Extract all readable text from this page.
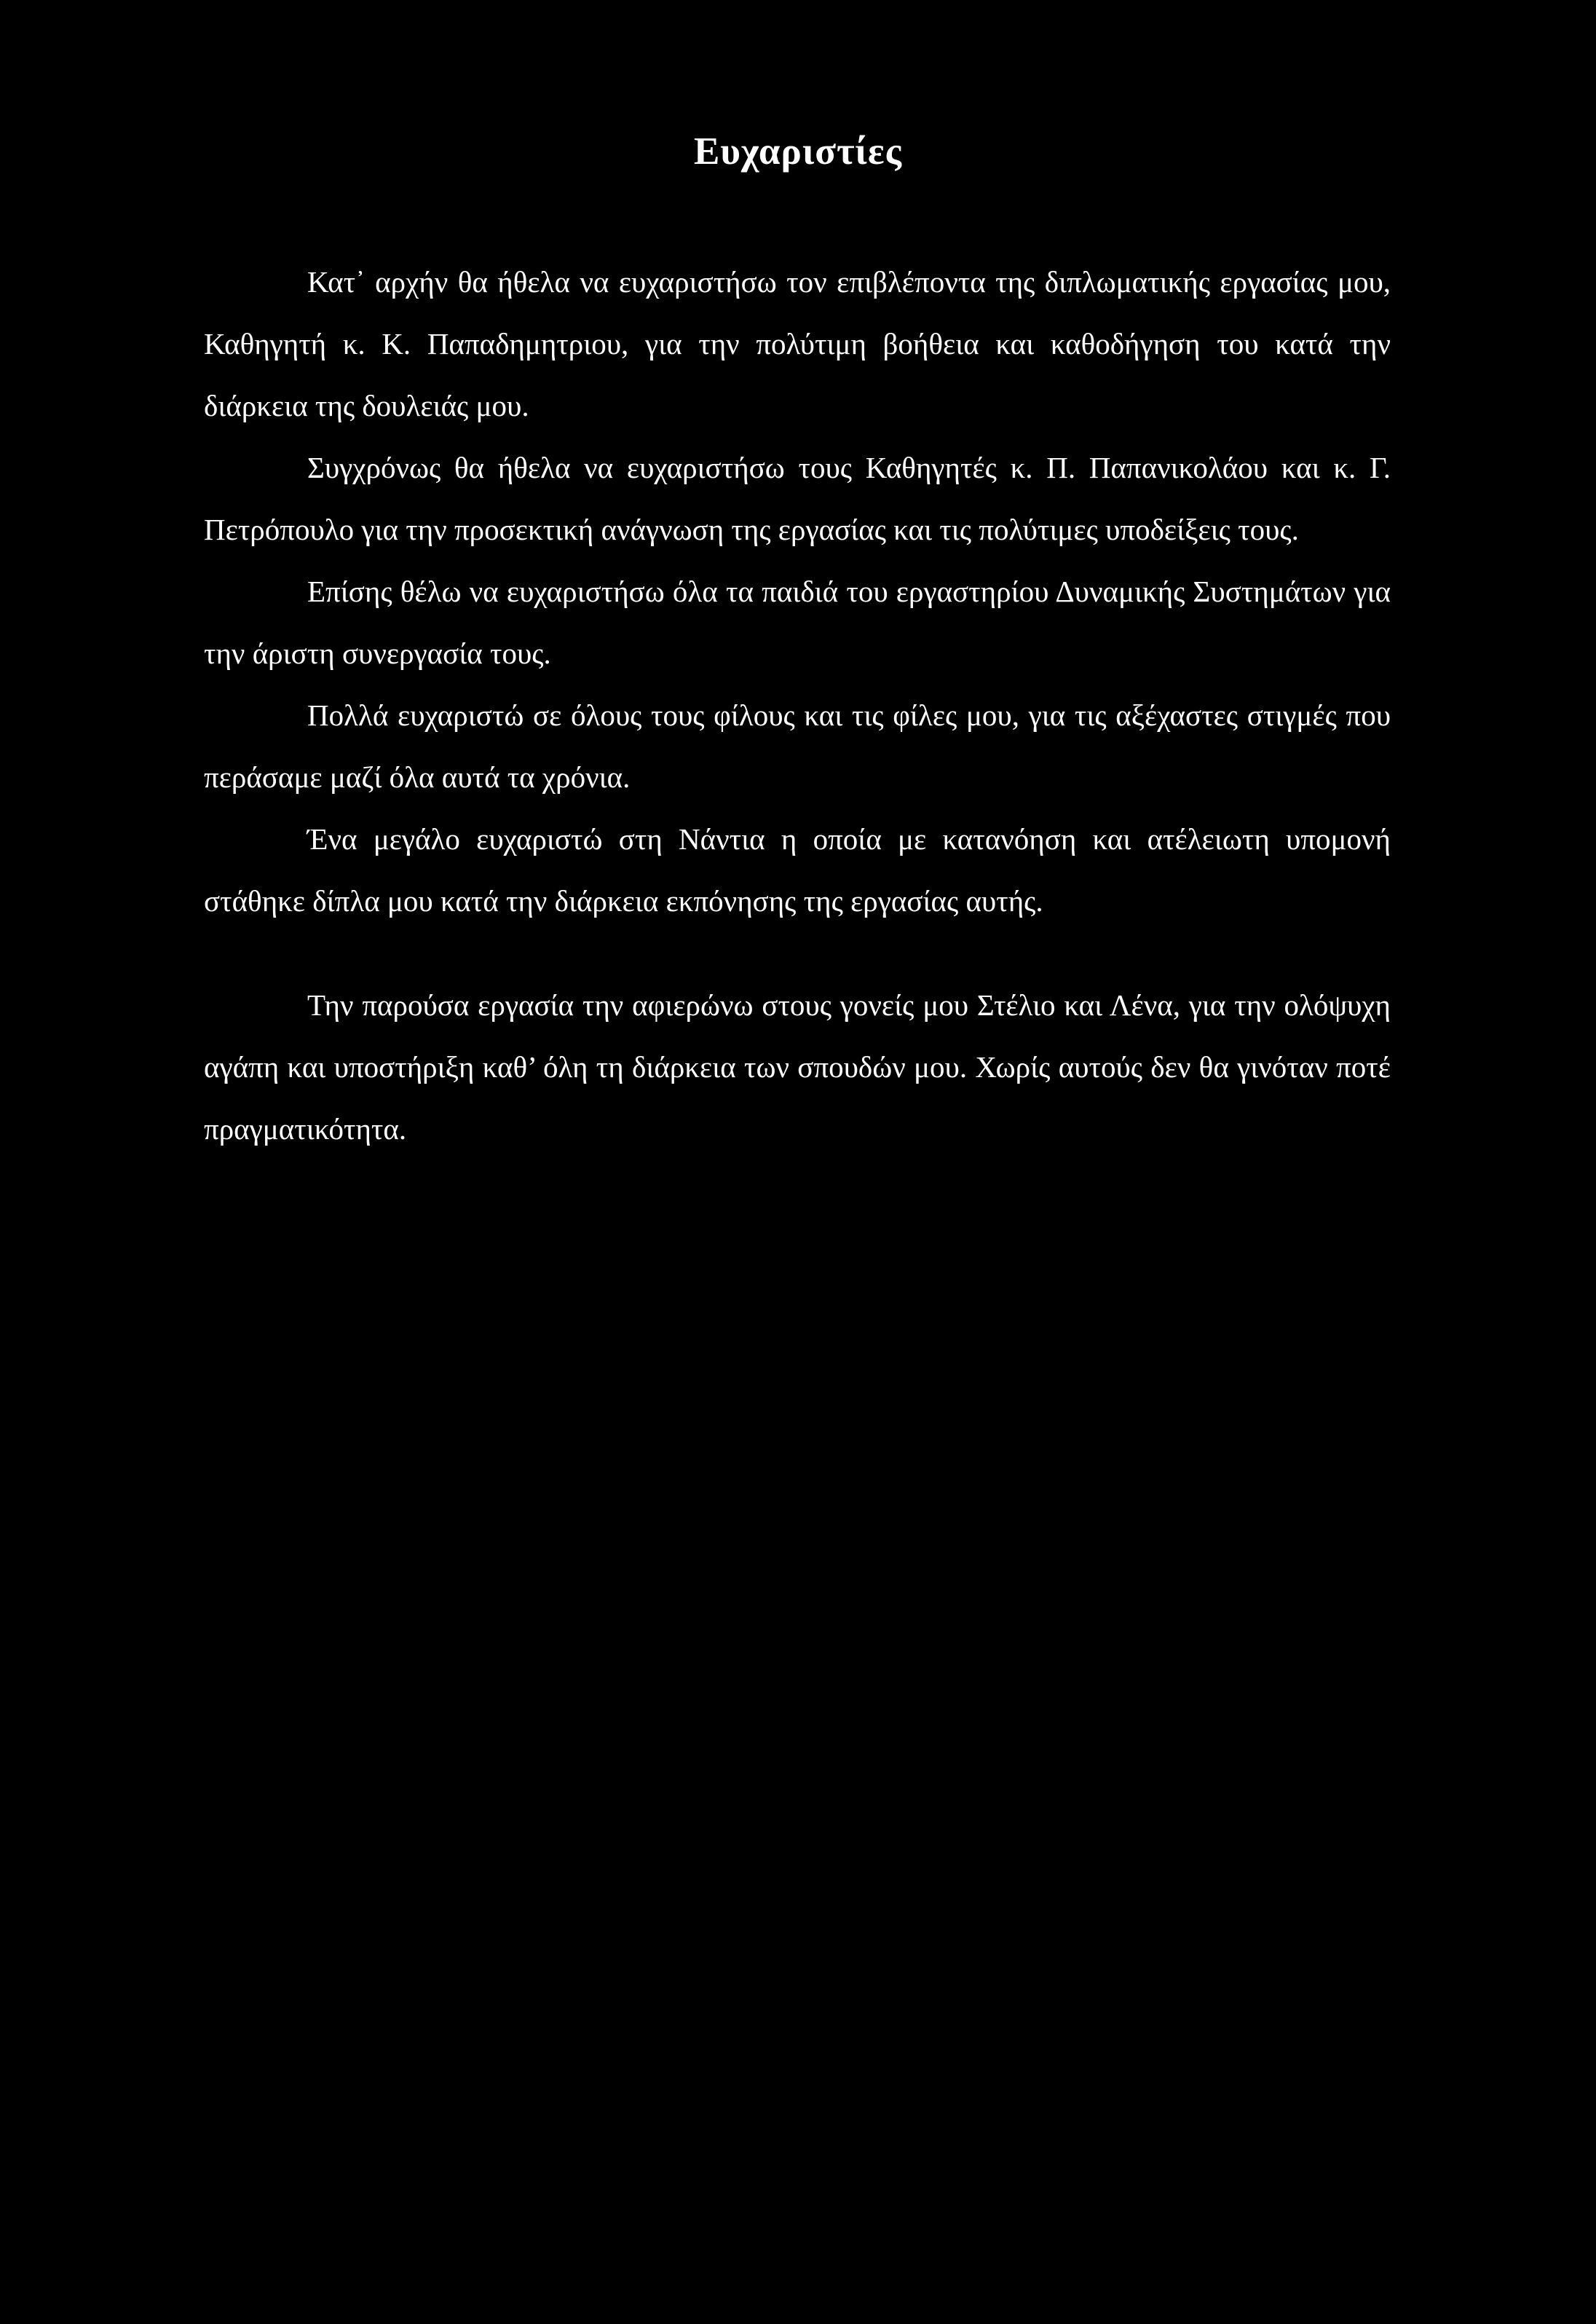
Ευχαριστίες

Κατ᾽ αρχήν θα ήθελα να ευχαριστήσω τον επιβλέποντα της διπλωματικής εργασίας μου, Καθηγητή κ. Κ. Παπαδημητριου, για την πολύτιμη βοήθεια και καθοδήγηση του κατά την διάρκεια της δουλειάς μου.

Συγχρόνως θα ήθελα να ευχαριστήσω τους Καθηγητές κ. Π. Παπανικολάου και κ. Γ. Πετρόπουλο για την προσεκτική ανάγνωση της εργασίας και τις πολύτιμες υποδείξεις τους.

Επίσης θέλω να ευχαριστήσω όλα τα παιδιά του εργαστηρίου Δυναμικής Συστημάτων για την άριστη συνεργασία τους.

Πολλά ευχαριστώ σε όλους τους φίλους και τις φίλες μου, για τις αξέχαστες στιγμές που περάσαμε μαζί όλα αυτά τα χρόνια.

Ένα μεγάλο ευχαριστώ στη Νάντια η οποία με κατανόηση και ατέλειωτη υπομονή στάθηκε δίπλα μου κατά την διάρκεια εκπόνησης της εργασίας αυτής.

Την παρούσα εργασία την αφιερώνω στους γονείς μου Στέλιο και Λένα, για την ολόψυχη αγάπη και υποστήριξη καθ’ όλη τη διάρκεια των σπουδών μου. Χωρίς αυτούς δεν θα γινόταν ποτέ πραγματικότητα.
